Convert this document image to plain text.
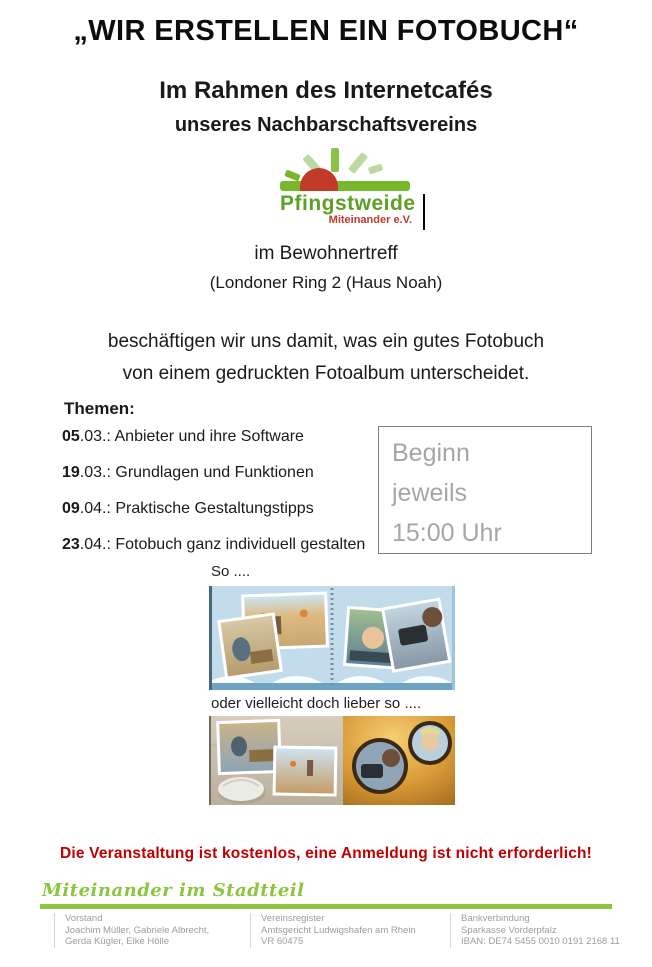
„WIR ERSTELLEN EIN FOTOBUCH“
Im Rahmen des Internetcafés
unseres Nachbarschaftsvereins
Pfingstweide
Miteinander e.V.
im Bewohnertreff
(Londoner Ring 2 (Haus Noah)
beschäftigen wir uns damit, was ein gutes Fotobuch
von einem gedruckten Fotoalbum unterscheidet.
Themen:
05.03.: Anbieter und ihre Software
19.03.: Grundlagen und Funktionen
09.04.: Praktische Gestaltungstipps
23.04.: Fotobuch ganz individuell gestalten
Beginn
jeweils
15:00 Uhr
So ....
oder vielleicht doch lieber so ....
Die Veranstaltung ist kostenlos, eine Anmeldung ist nicht erforderlich!
Miteinander im Stadtteil
Vorstand
Joachim Müller, Gabriele Albrecht,
Gerda Kügler, Elke Hölle
Vereinsregister
Amtsgericht Ludwigshafen am Rhein
VR 60475
Bankverbindung
Sparkasse Vorderpfalz
IBAN: DE74 5455 0010 0191 2168 11
